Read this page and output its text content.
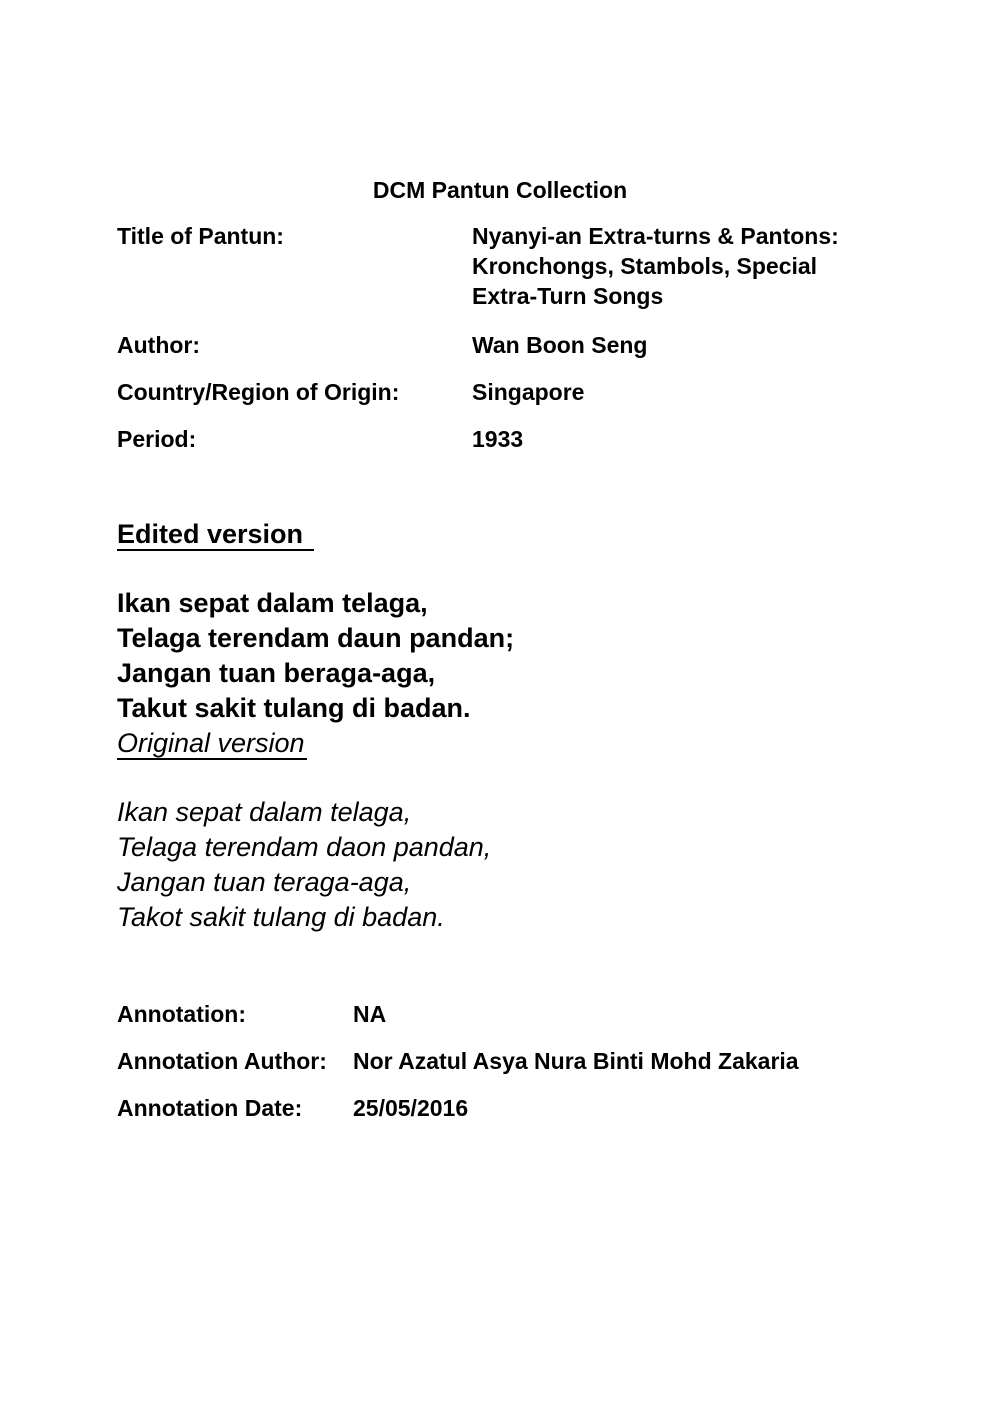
DCM Pantun Collection
Title of Pantun:	Nyanyi-an Extra-turns & Pantons:
Kronchongs, Stambols, Special
Extra-Turn Songs
Author:	Wan Boon Seng
Country/Region of Origin:	Singapore
Period:	1933
Edited version
Ikan sepat dalam telaga,
Telaga terendam daun pandan;
Jangan tuan beraga-aga,
Takut sakit tulang di badan.
Original version
Ikan sepat dalam telaga,
Telaga terendam daon pandan,
Jangan tuan teraga-aga,
Takot sakit tulang di badan.
Annotation:	NA
Annotation Author:	Nor Azatul Asya Nura Binti Mohd Zakaria
Annotation Date:	25/05/2016
